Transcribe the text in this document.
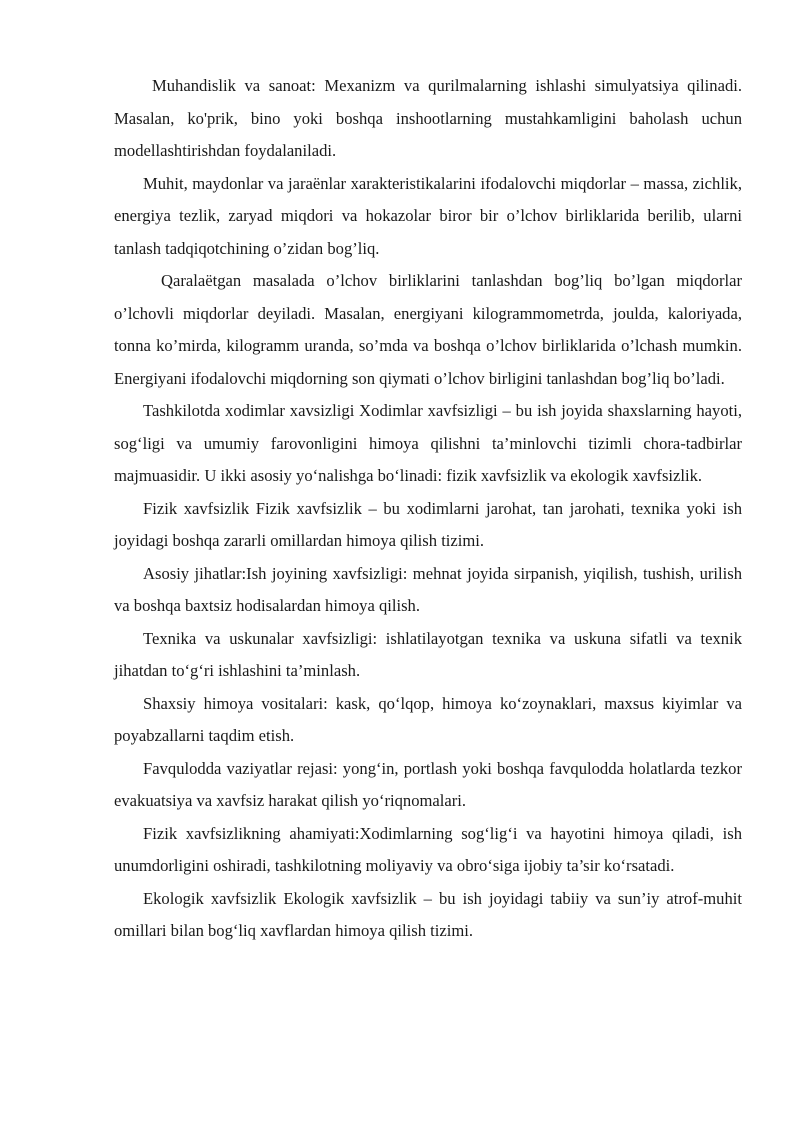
Muhandislik va sanoat: Mexanizm va qurilmalarning ishlashi simulyatsiya qilinadi. Masalan, ko'prik, bino yoki boshqa inshootlarning mustahkamligini baholash uchun modellashtirishdan foydalaniladi.

Muhit, maydonlar va jaraënlar xarakteristikalarini ifodalovchi miqdorlar – massa, zichlik, energiya tezlik, zaryad miqdori va hokazolar biror bir o’lchov birliklarida berilib, ularni tanlash tadqiqotchining o’zidan bog’liq.

Qaralaëtgan masalada o’lchov birliklarini tanlashdan bog’liq bo’lgan miqdorlar o’lchovli miqdorlar deyiladi. Masalan, energiyani kilogrammometrda, joulda, kaloriyada, tonna ko’mirda, kilogramm uranda, so’mda va boshqa o’lchov birliklarida o’lchash mumkin. Energiyani ifodalovchi miqdorning son qiymati o’lchov birligini tanlashdan bog’liq bo’ladi.

Tashkilotda xodimlar xavsizligi Xodimlar xavfsizligi – bu ish joyida shaxslarning hayoti, sog‘ligi va umumiy farovonligini himoya qilishni ta’minlovchi tizimli chora-tadbirlar majmuasidir. U ikki asosiy yo‘nalishga bo‘linadi: fizik xavfsizlik va ekologik xavfsizlik.

Fizik xavfsizlik Fizik xavfsizlik – bu xodimlarni jarohat, tan jarohati, texnika yoki ish joyidagi boshqa zararli omillardan himoya qilish tizimi.

Asosiy jihatlar:Ish joyining xavfsizligi: mehnat joyida sirpanish, yiqilish, tushish, urilish va boshqa baxtsiz hodisalardan himoya qilish.

Texnika va uskunalar xavfsizligi: ishlatilayotgan texnika va uskuna sifatli va texnik jihatdan to‘g‘ri ishlashini ta’minlash.

Shaxsiy himoya vositalari: kask, qo‘lqop, himoya ko‘zoynaklari, maxsus kiyimlar va poyabzallarni taqdim etish.

Favqulodda vaziyatlar rejasi: yong‘in, portlash yoki boshqa favqulodda holatlarda tezkor evakuatsiya va xavfsiz harakat qilish yo‘riqnomalari.

Fizik xavfsizlikning ahamiyati:Xodimlarning sog‘lig‘i va hayotini himoya qiladi, ish unumdorligini oshiradi, tashkilotning moliyaviy va obro‘siga ijobiy ta’sir ko‘rsatadi.

Ekologik xavfsizlik Ekologik xavfsizlik – bu ish joyidagi tabiiy va sun’iy atrof-muhit omillari bilan bog‘liq xavflardan himoya qilish tizimi.
